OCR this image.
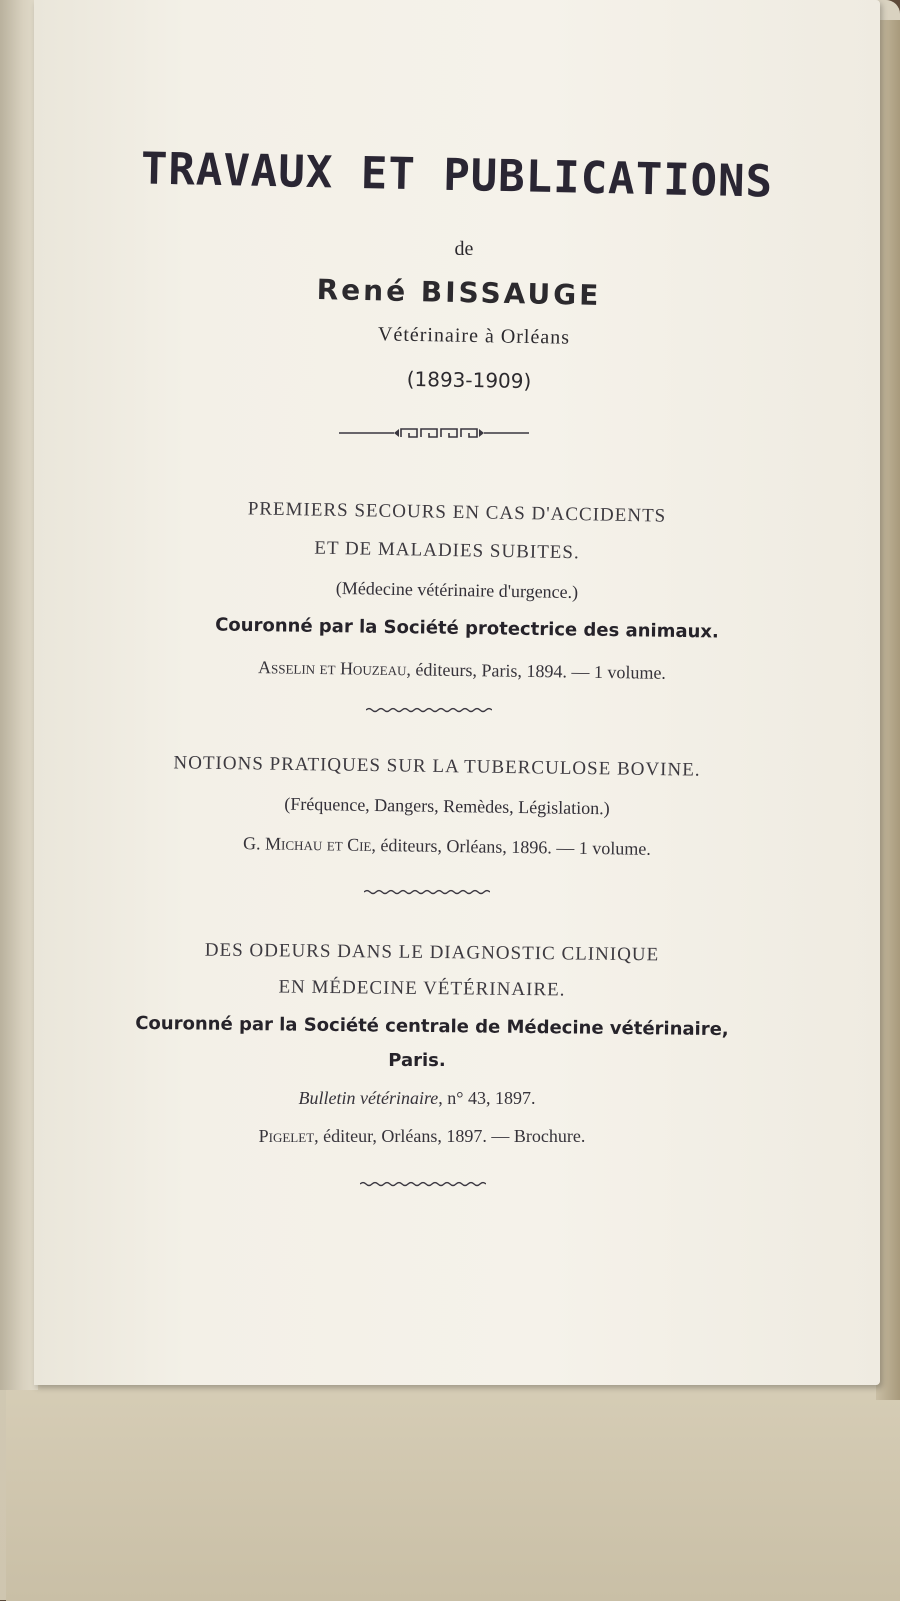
TRAVAUX ET PUBLICATIONS
de
René BISSAUGE
Vétérinaire à Orléans
(1893-1909)
PREMIERS SECOURS EN CAS D'ACCIDENTS
ET DE MALADIES SUBITES.
(Médecine vétérinaire d'urgence.)
Couronné par la Société protectrice des animaux.
Asselin et Houzeau, éditeurs, Paris, 1894. — 1 volume.
NOTIONS PRATIQUES SUR LA TUBERCULOSE BOVINE.
(Fréquence, Dangers, Remèdes, Législation.)
G. Michau et Cie, éditeurs, Orléans, 1896. — 1 volume.
DES ODEURS DANS LE DIAGNOSTIC CLINIQUE
EN MÉDECINE VÉTÉRINAIRE.
Couronné par la Société centrale de Médecine vétérinaire,
Paris.
Bulletin vétérinaire, n° 43, 1897.
Pigelet, éditeur, Orléans, 1897. — Brochure.
